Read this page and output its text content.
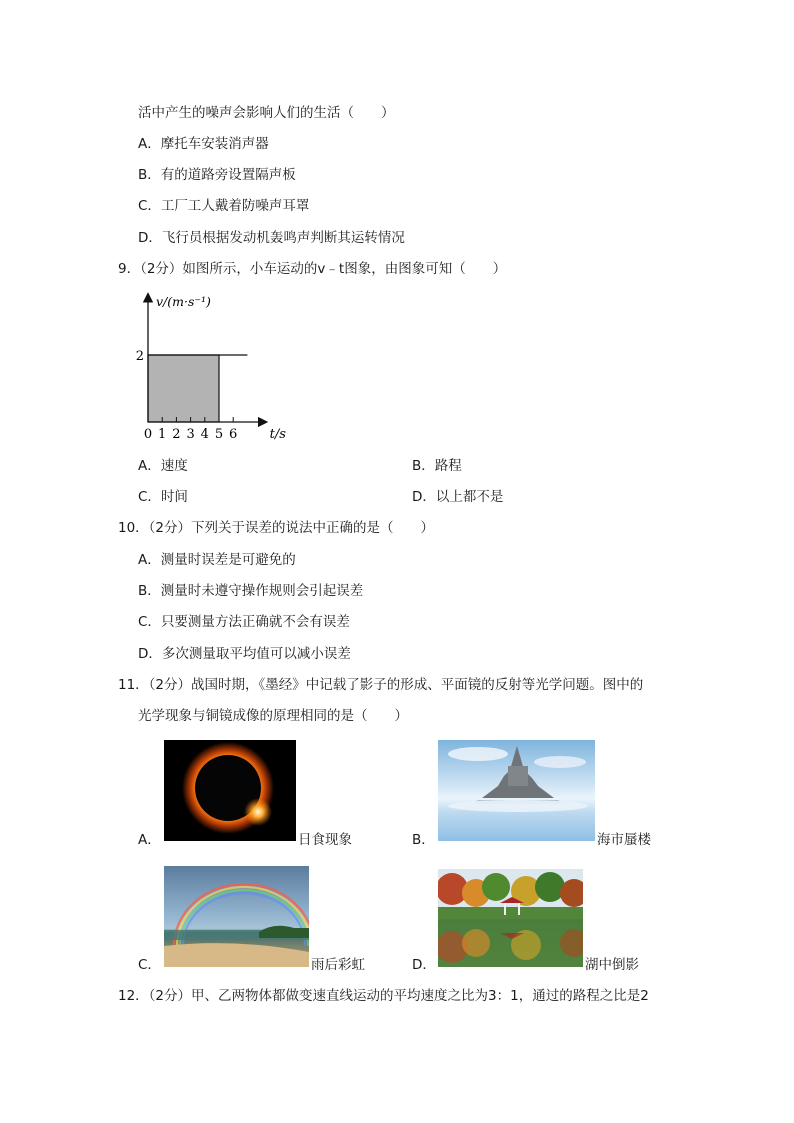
活中产生的噪声会影响人们的生活（　　）
A．摩托车安装消声器
B．有的道路旁设置隔声板
C．工厂工人戴着防噪声耳罩
D．飞行员根据发动机轰鸣声判断其运转情况
9．（2分）如图所示，小车运动的v﹣t图象，由图象可知（　　）
0 1 2 3 4 5 6
2
v/(m·s⁻¹)
t/s
A．速度	B．路程
C．时间	D．以上都不是
10．（2分）下列关于误差的说法中正确的是（　　）
A．测量时误差是可避免的
B．测量时未遵守操作规则会引起误差
C．只要测量方法正确就不会有误差
D．多次测量取平均值可以减小误差
11．（2分）战国时期，《墨经》中记载了影子的形成、平面镜的反射等光学问题。图中的
光学现象与铜镜成像的原理相同的是（　　）
A．	日食现象	B．	海市蜃楼
C．	雨后彩虹	D．	湖中倒影
12．（2分）甲、乙两物体都做变速直线运动的平均速度之比为3：1，通过的路程之比是2
